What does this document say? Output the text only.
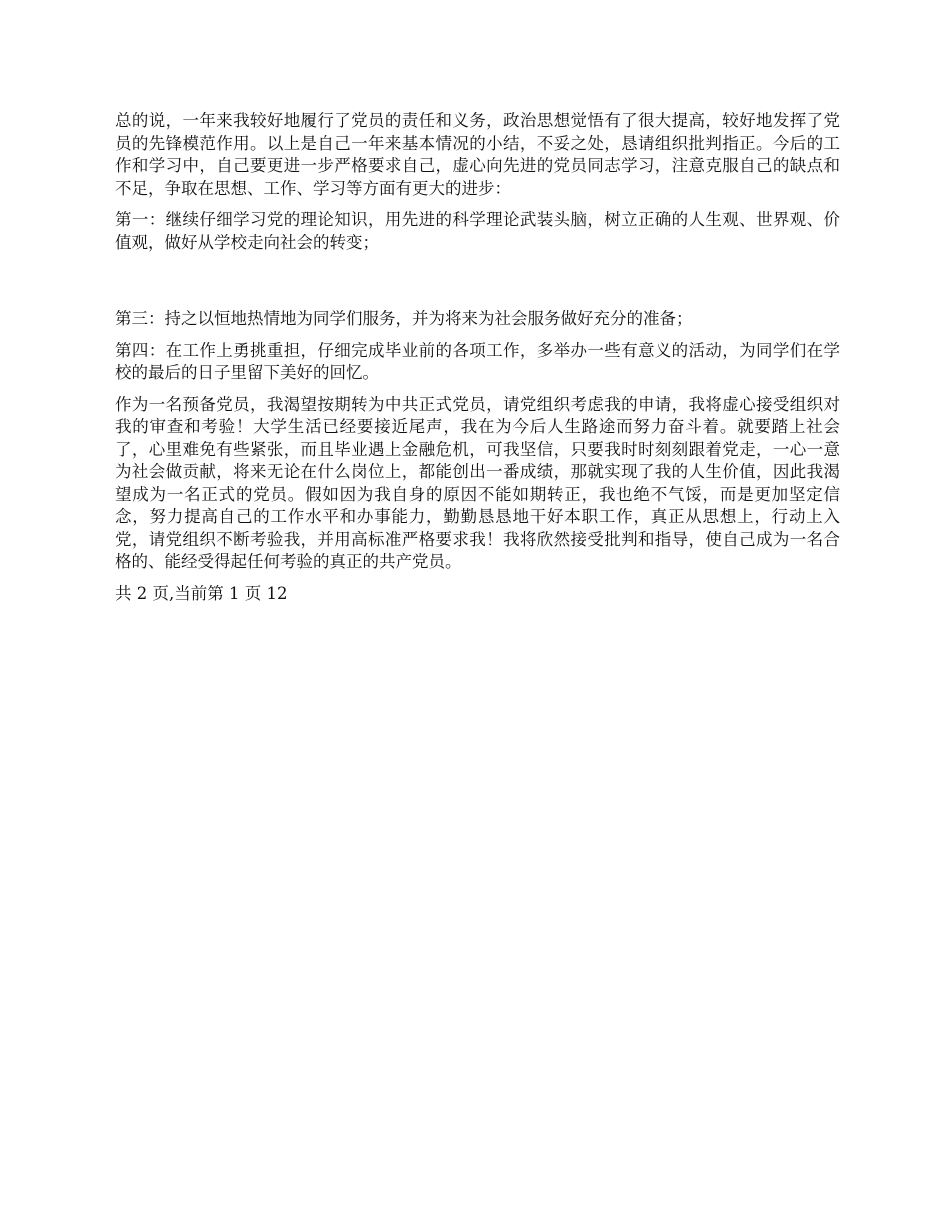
总的说，一年来我较好地履行了党员的责任和义务，政治思想觉悟有了很大提高，较好地发挥了党员的先锋模范作用。以上是自己一年来基本情况的小结，不妥之处，恳请组织批判指正。今后的工作和学习中，自己要更进一步严格要求自己，虚心向先进的党员同志学习，注意克服自己的缺点和不足，争取在思想、工作、学习等方面有更大的进步：

第一：继续仔细学习党的理论知识，用先进的科学理论武装头脑，树立正确的人生观、世界观、价值观，做好从学校走向社会的转变；

第三：持之以恒地热情地为同学们服务，并为将来为社会服务做好充分的准备；

第四：在工作上勇挑重担，仔细完成毕业前的各项工作，多举办一些有意义的活动，为同学们在学校的最后的日子里留下美好的回忆。

作为一名预备党员，我渴望按期转为中共正式党员，请党组织考虑我的申请，我将虚心接受组织对我的审查和考验！大学生活已经要接近尾声，我在为今后人生路途而努力奋斗着。就要踏上社会了，心里难免有些紧张，而且毕业遇上金融危机，可我坚信，只要我时时刻刻跟着党走，一心一意为社会做贡献，将来无论在什么岗位上，都能创出一番成绩，那就实现了我的人生价值，因此我渴望成为一名正式的党员。假如因为我自身的原因不能如期转正，我也绝不气馁，而是更加坚定信念，努力提高自己的工作水平和办事能力，勤勤恳恳地干好本职工作，真正从思想上，行动上入党，请党组织不断考验我，并用高标准严格要求我！我将欣然接受批判和指导，使自己成为一名合格的、能经受得起任何考验的真正的共产党员。

共 2 页,当前第 1 页 12
